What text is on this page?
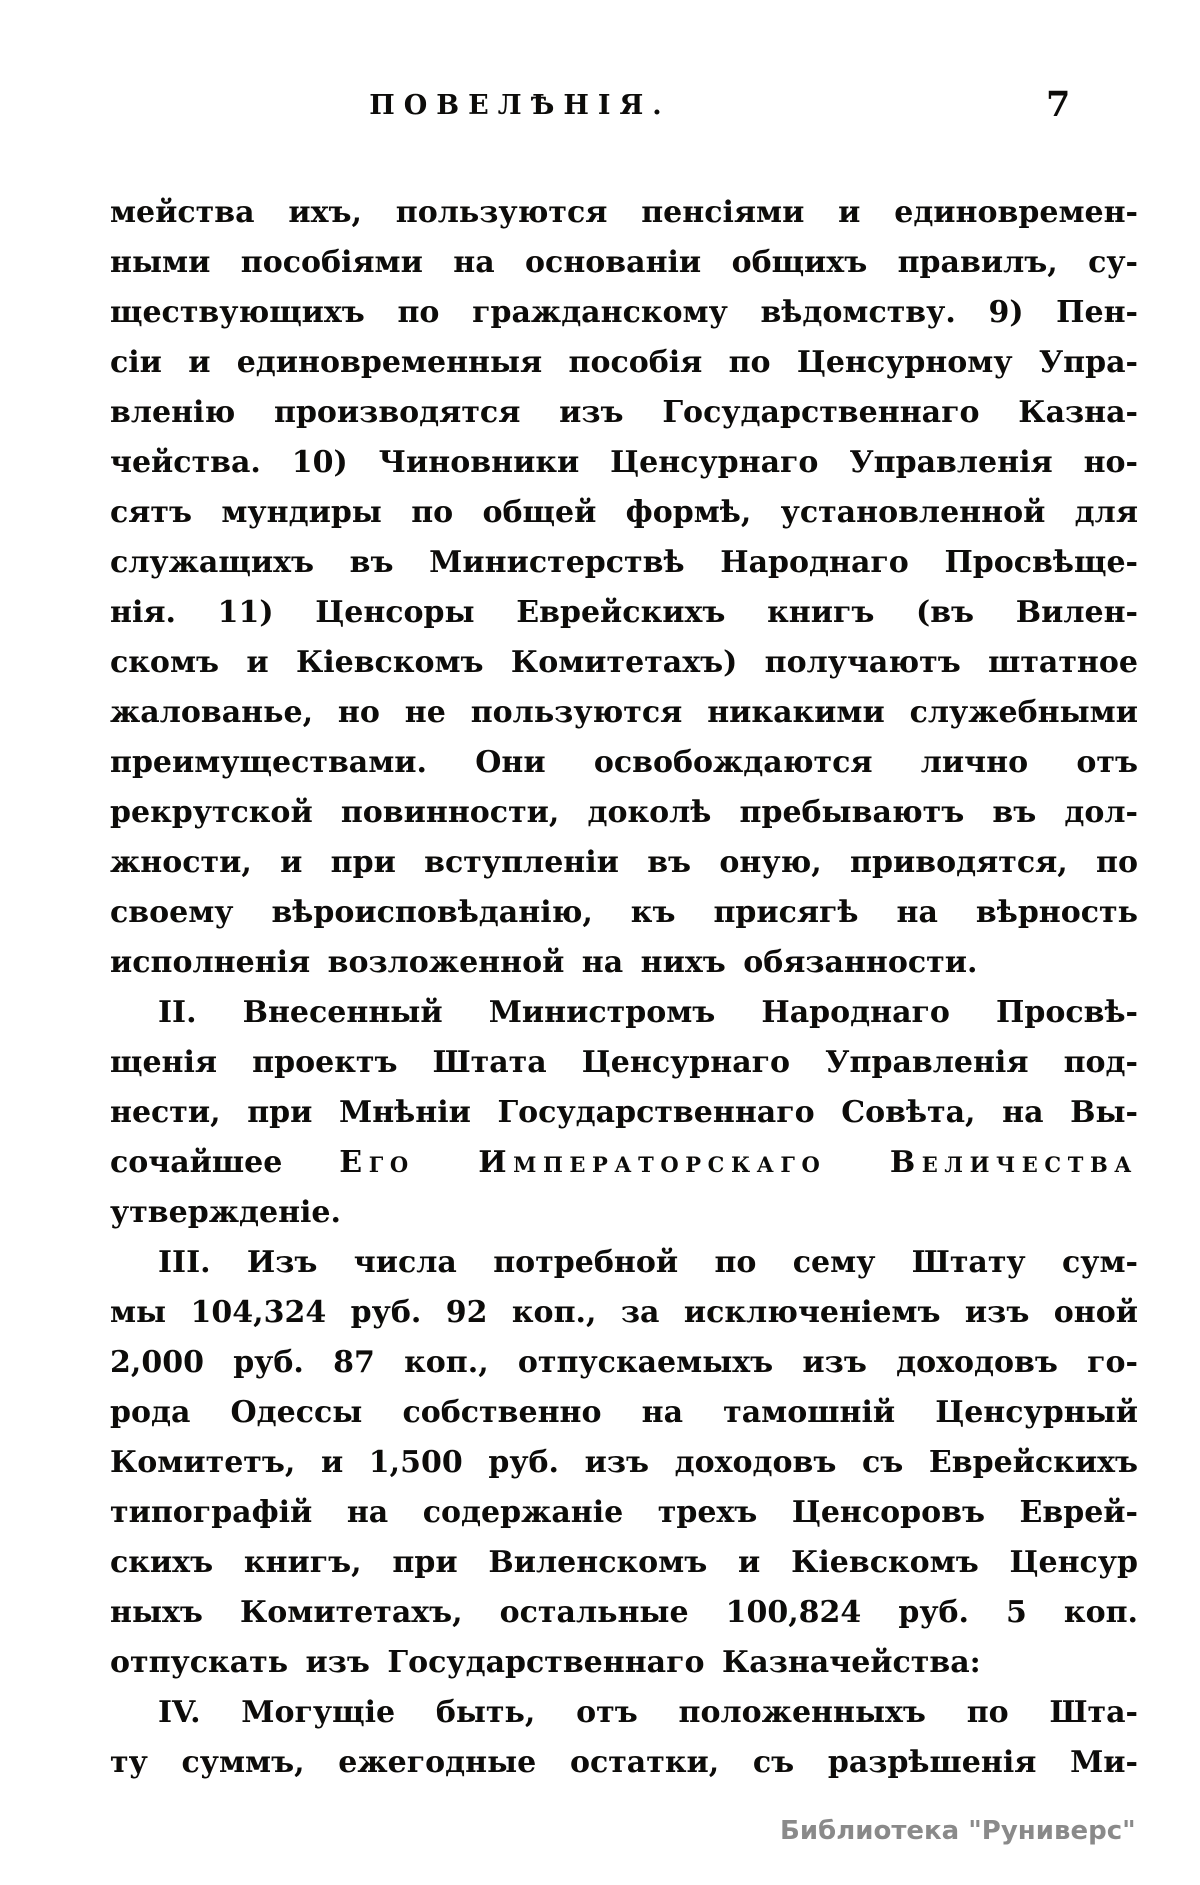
ПОВЕЛѢНІЯ.	7
мейства ихъ, пользуются пенсіями и единовремен-
ными пособіями на основаніи общихъ правилъ, су-
ществующихъ по гражданскому вѣдомству. 9) Пен-
сіи и единовременныя пособія по Ценсурному Упра-
вленію производятся изъ Государственнаго Казна-
чейства. 10) Чиновники Ценсурнаго Управленія но-
сятъ мундиры по общей формѣ, установленной для
служащихъ въ Министерствѣ Народнаго Просвѣще-
нія. 11) Ценсоры Еврейскихъ книгъ (въ Вилен-
скомъ и Кіевскомъ Комитетахъ) получаютъ штатное
жалованье, но не пользуются никакими служебными
преимуществами. Они освобождаются лично отъ
рекрутской повинности, доколѣ пребываютъ въ дол-
жности, и при вступленіи въ оную, приводятся, по
своему вѣроисповѣданію, къ присягѣ на вѣрность
исполненія возложенной на нихъ обязанности.
II. Внесенный Министромъ Народнаго Просвѣ-
щенія проектъ Штата Ценсурнаго Управленія под-
нести, при Мнѣніи Государственнаго Совѣта, на Вы-
сочайшее Его Императорскаго Величества
утвержденіе.
III. Изъ числа потребной по сему Штату сум-
мы 104,324 руб. 92 коп., за исключеніемъ изъ оной
2,000 руб. 87 коп., отпускаемыхъ изъ доходовъ го-
рода Одессы собственно на тамошній Ценсурный
Комитетъ, и 1,500 руб. изъ доходовъ съ Еврейскихъ
типографій на содержаніе трехъ Ценсоровъ Еврей-
скихъ книгъ, при Виленскомъ и Кіевскомъ Ценсур
ныхъ Комитетахъ, остальные 100,824 руб. 5 коп.
отпускать изъ Государственнаго Казначейства:
IV. Могущіе быть, отъ положенныхъ по Шта-
ту суммъ, ежегодные остатки, съ разрѣшенія Ми-
Библиотека "Руниверс"
